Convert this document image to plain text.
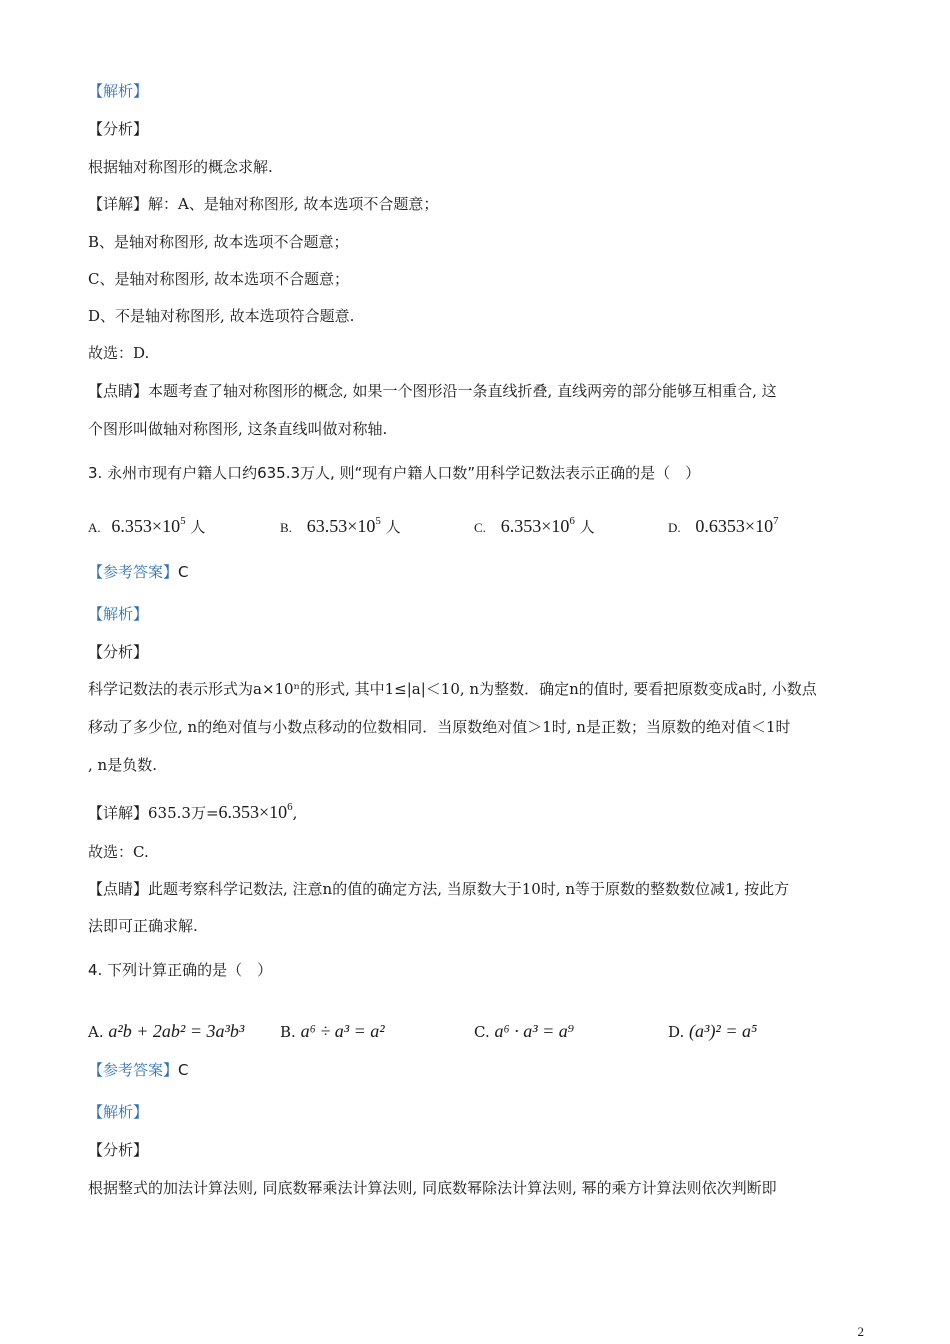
【解析】
【分析】
根据轴对称图形的概念求解.
【详解】解：A、是轴对称图形, 故本选项不合题意；
B、是轴对称图形, 故本选项不合题意；
C、是轴对称图形, 故本选项不合题意；
D、不是轴对称图形, 故本选项符合题意.
故选：D.
【点睛】本题考查了轴对称图形的概念, 如果一个图形沿一条直线折叠, 直线两旁的部分能够互相重合, 这
个图形叫做轴对称图形, 这条直线叫做对称轴.
3. 永州市现有户籍人口约635.3万人, 则“现有户籍人口数”用科学记数法表示正确的是（　）
A. $6.353\times 10^5$ 人	B. $63.53\times 10^5$ 人	C. $6.353\times 10^6$ 人	D. $0.6353\times 10^7$
【参考答案】C
【解析】
【分析】
科学记数法的表示形式为a×10ⁿ的形式, 其中1≤|a|＜10, n为整数．确定n的值时, 要看把原数变成a时, 小数点
移动了多少位, n的绝对值与小数点移动的位数相同．当原数绝对值＞1时, n是正数；当原数的绝对值＜1时
, n是负数.
【详解】635.3万$=6.353\times 10^6$,
故选：C.
【点睛】此题考察科学记数法, 注意n的值的确定方法, 当原数大于10时, n等于原数的整数数位减1, 按此方
法即可正确求解.
4. 下列计算正确的是（　）
A. a²b + 2ab² = 3a³b³ B. a⁶ ÷ a³ = a²	C. a⁶ · a³ = a⁹	D. (a³)² = a⁵
【参考答案】C
【解析】
【分析】
根据整式的加法计算法则, 同底数幂乘法计算法则, 同底数幂除法计算法则, 幂的乘方计算法则依次判断即
2
